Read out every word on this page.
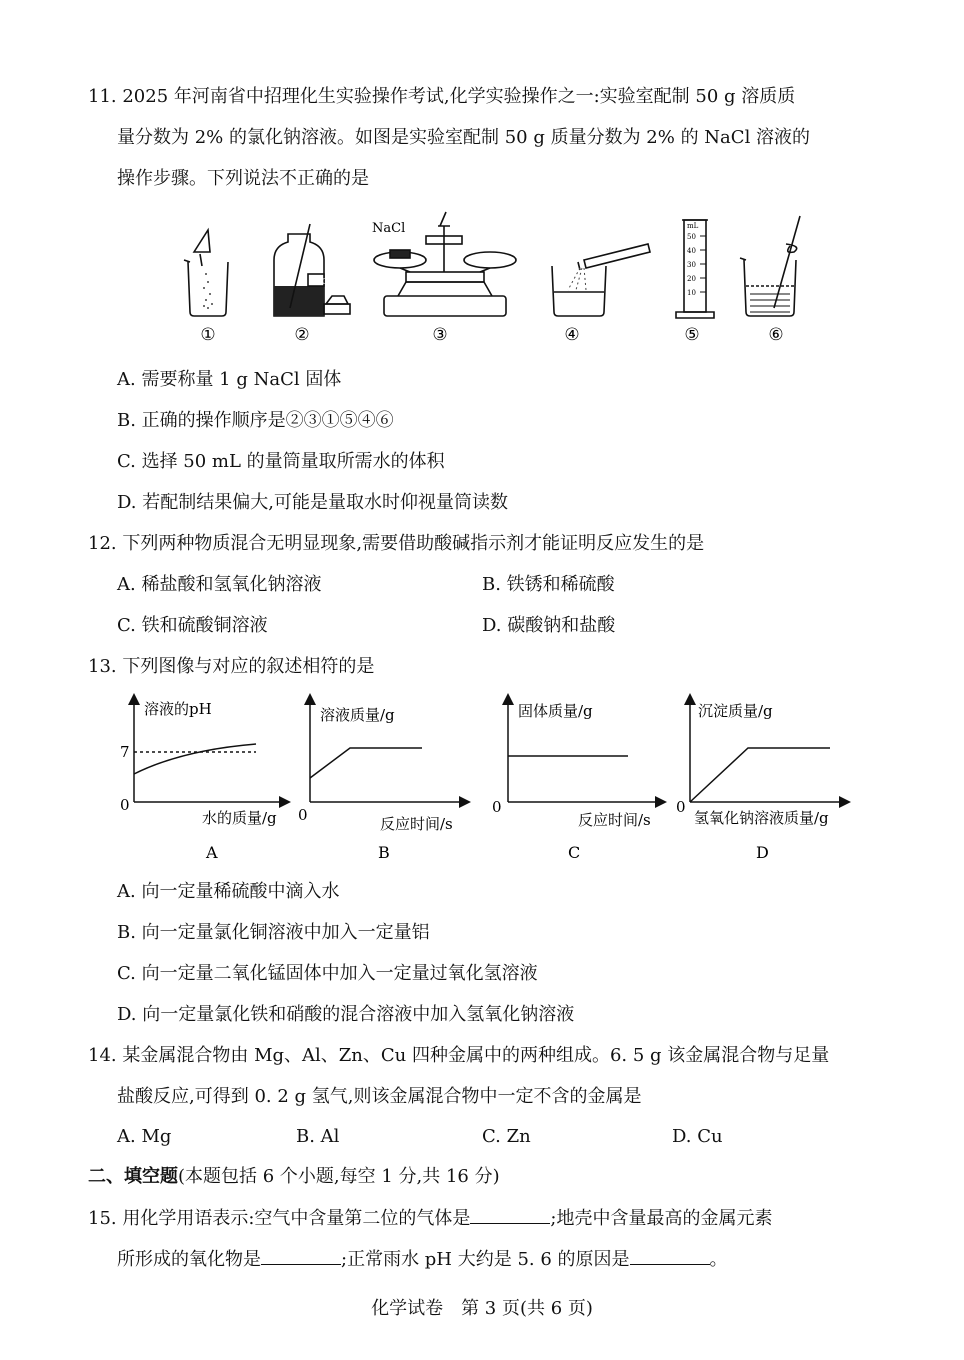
11. 2025 年河南省中招理化生实验操作考试,化学实验操作之一:实验室配制 50 g 溶质质
量分数为 2% 的氯化钠溶液。如图是实验室配制 50 g 质量分数为 2% 的 NaCl 溶液的
操作步骤。下列说法不正确的是
NaCl
NaCl
mL
50
40
30
20
10
①	②	③	④	⑤	⑥
A. 需要称量 1 g NaCl 固体
B. 正确的操作顺序是②③①⑤④⑥
C. 选择 50 mL 的量筒量取所需水的体积
D. 若配制结果偏大,可能是量取水时仰视量筒读数
12. 下列两种物质混合无明显现象,需要借助酸碱指示剂才能证明反应发生的是
A. 稀盐酸和氢氧化钠溶液	B. 铁锈和稀硫酸
C. 铁和硫酸铜溶液	D. 碳酸钠和盐酸
13. 下列图像与对应的叙述相符的是
溶液的pH
水的质量/g
0
7
A
溶液质量/g
反应时间/s
0
B
固体质量/g
反应时间/s
0
C
沉淀质量/g
氢氧化钠溶液质量/g
0
D
A. 向一定量稀硫酸中滴入水
B. 向一定量氯化铜溶液中加入一定量铝
C. 向一定量二氧化锰固体中加入一定量过氧化氢溶液
D. 向一定量氯化铁和硝酸的混合溶液中加入氢氧化钠溶液
14. 某金属混合物由 Mg、Al、Zn、Cu 四种金属中的两种组成。6. 5 g 该金属混合物与足量
盐酸反应,可得到 0. 2 g 氢气,则该金属混合物中一定不含的金属是
A. Mg	B. Al	C. Zn	D. Cu
二、填空题(本题包括 6 个小题,每空 1 分,共 16 分)
15. 用化学用语表示:空气中含量第二位的气体是	;地壳中含量最高的金属元素
所形成的氧化物是	;正常雨水 pH 大约是 5. 6 的原因是	。
化学试卷　第 3 页(共 6 页)
